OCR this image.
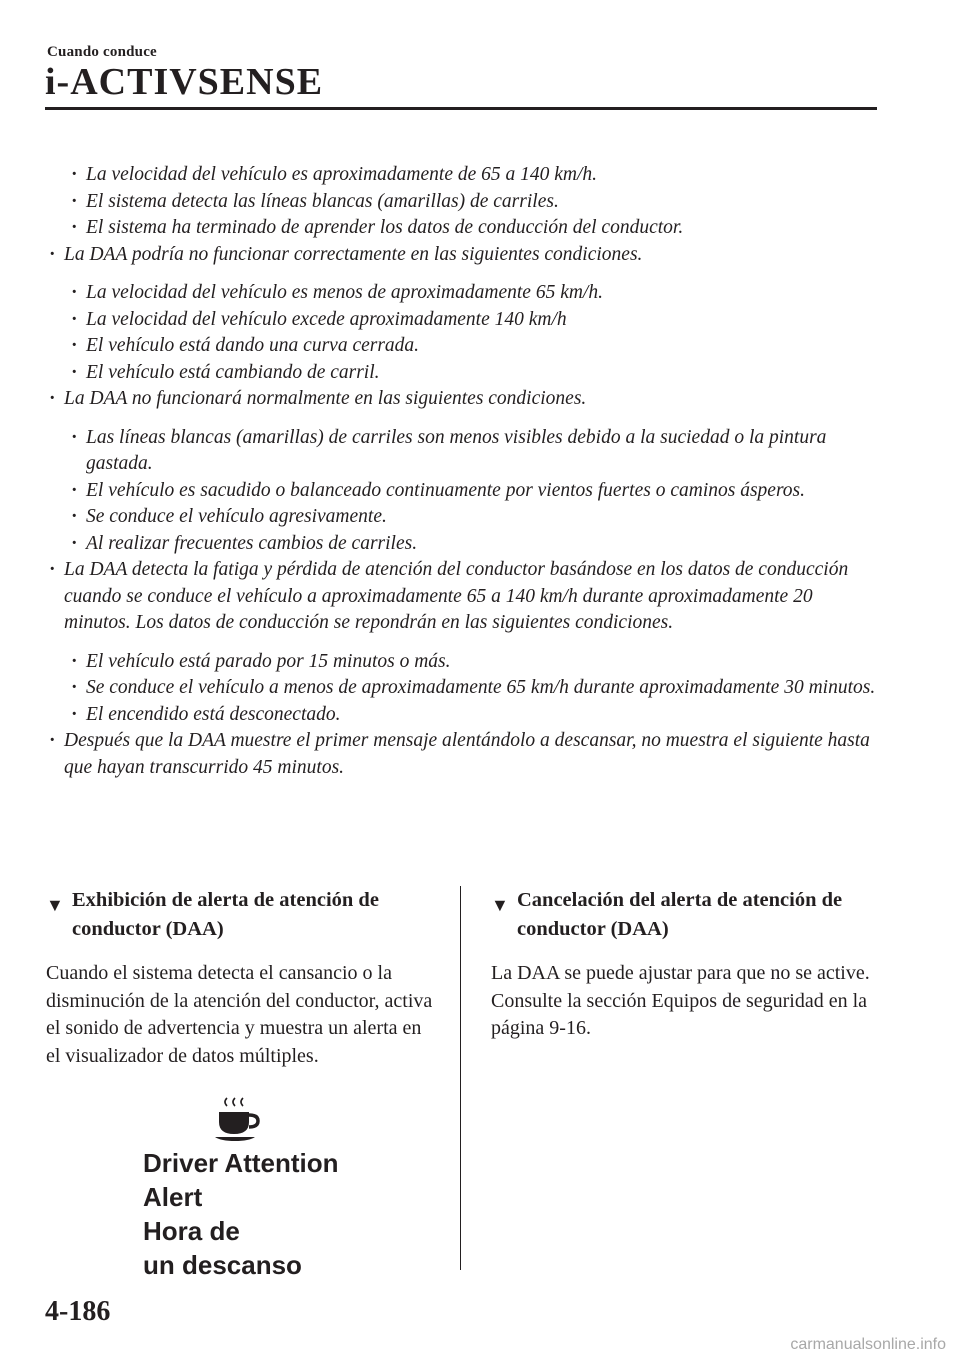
Cuando conduce
i-ACTIVSENSE
· La velocidad del vehículo es aproximadamente de 65 a 140 km/h.
· El sistema detecta las líneas blancas (amarillas) de carriles.
· El sistema ha terminado de aprender los datos de conducción del conductor.
· La DAA podría no funcionar correctamente en las siguientes condiciones.
· La velocidad del vehículo es menos de aproximadamente 65 km/h.
· La velocidad del vehículo excede aproximadamente 140 km/h
· El vehículo está dando una curva cerrada.
· El vehículo está cambiando de carril.
· La DAA no funcionará normalmente en las siguientes condiciones.
· Las líneas blancas (amarillas) de carriles son menos visibles debido a la suciedad o la pintura gastada.
· El vehículo es sacudido o balanceado continuamente por vientos fuertes o caminos ásperos.
· Se conduce el vehículo agresivamente.
· Al realizar frecuentes cambios de carriles.
· La DAA detecta la fatiga y pérdida de atención del conductor basándose en los datos de conducción cuando se conduce el vehículo a aproximadamente 65 a 140 km/h durante aproximadamente 20 minutos. Los datos de conducción se repondrán en las siguientes condiciones.
· El vehículo está parado por 15 minutos o más.
· Se conduce el vehículo a menos de aproximadamente 65 km/h durante aproximadamente 30 minutos.
· El encendido está desconectado.
· Después que la DAA muestre el primer mensaje alentándolo a descansar, no muestra el siguiente hasta que hayan transcurrido 45 minutos.
▼ Exhibición de alerta de atención de conductor (DAA)
Cuando el sistema detecta el cansancio o la disminución de la atención del conductor, activa el sonido de advertencia y muestra un alerta en el visualizador de datos múltiples.
Driver Attention
Alert
Hora de
un descanso
▼ Cancelación del alerta de atención de conductor (DAA)
La DAA se puede ajustar para que no se active.
Consulte la sección Equipos de seguridad en la página 9-16.
4-186
carmanualsonline.info
